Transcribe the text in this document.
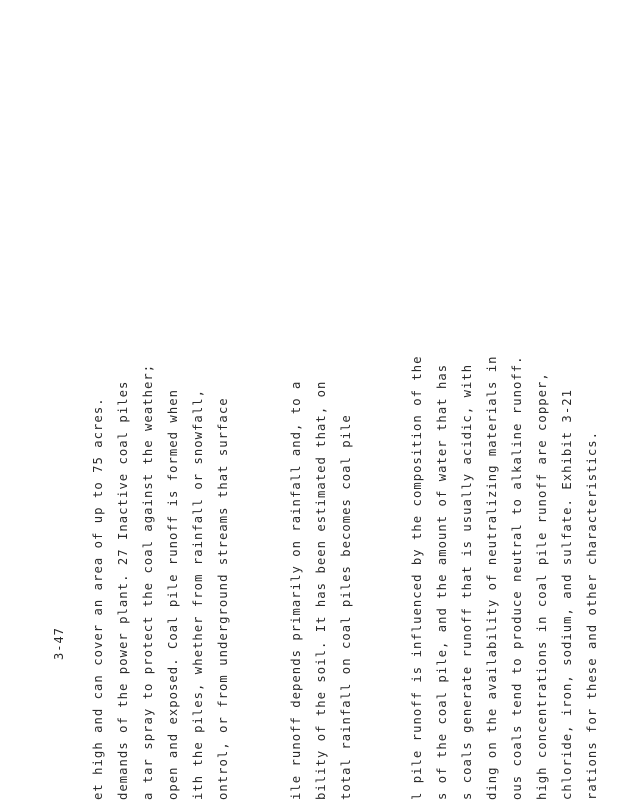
3-47 et high and can cover an area of up to 75 acres. demands of the power plant. 27 Inactive coal piles a tar spray to protect the coal against the weather; open and exposed. Coal pile runoff is formed when ith the piles, whether from rainfall or snowfall, ontrol, or from underground streams that surface	ile runoff depends primarily on rainfall and, to a bility of the soil. It has been estimated that, on total rainfall on coal piles becomes coal pile	l pile runoff is influenced by the composition of the s of the coal pile, and the amount of water that has s coals generate runoff that is usually acidic, with ding on the availability of neutralizing materials in ous coals tend to produce neutral to alkaline runoff. high concentrations in coal pile runoff are copper, chloride, iron, sodium, and sulfate. Exhibit 3-21 rations for these and other characteristics.
